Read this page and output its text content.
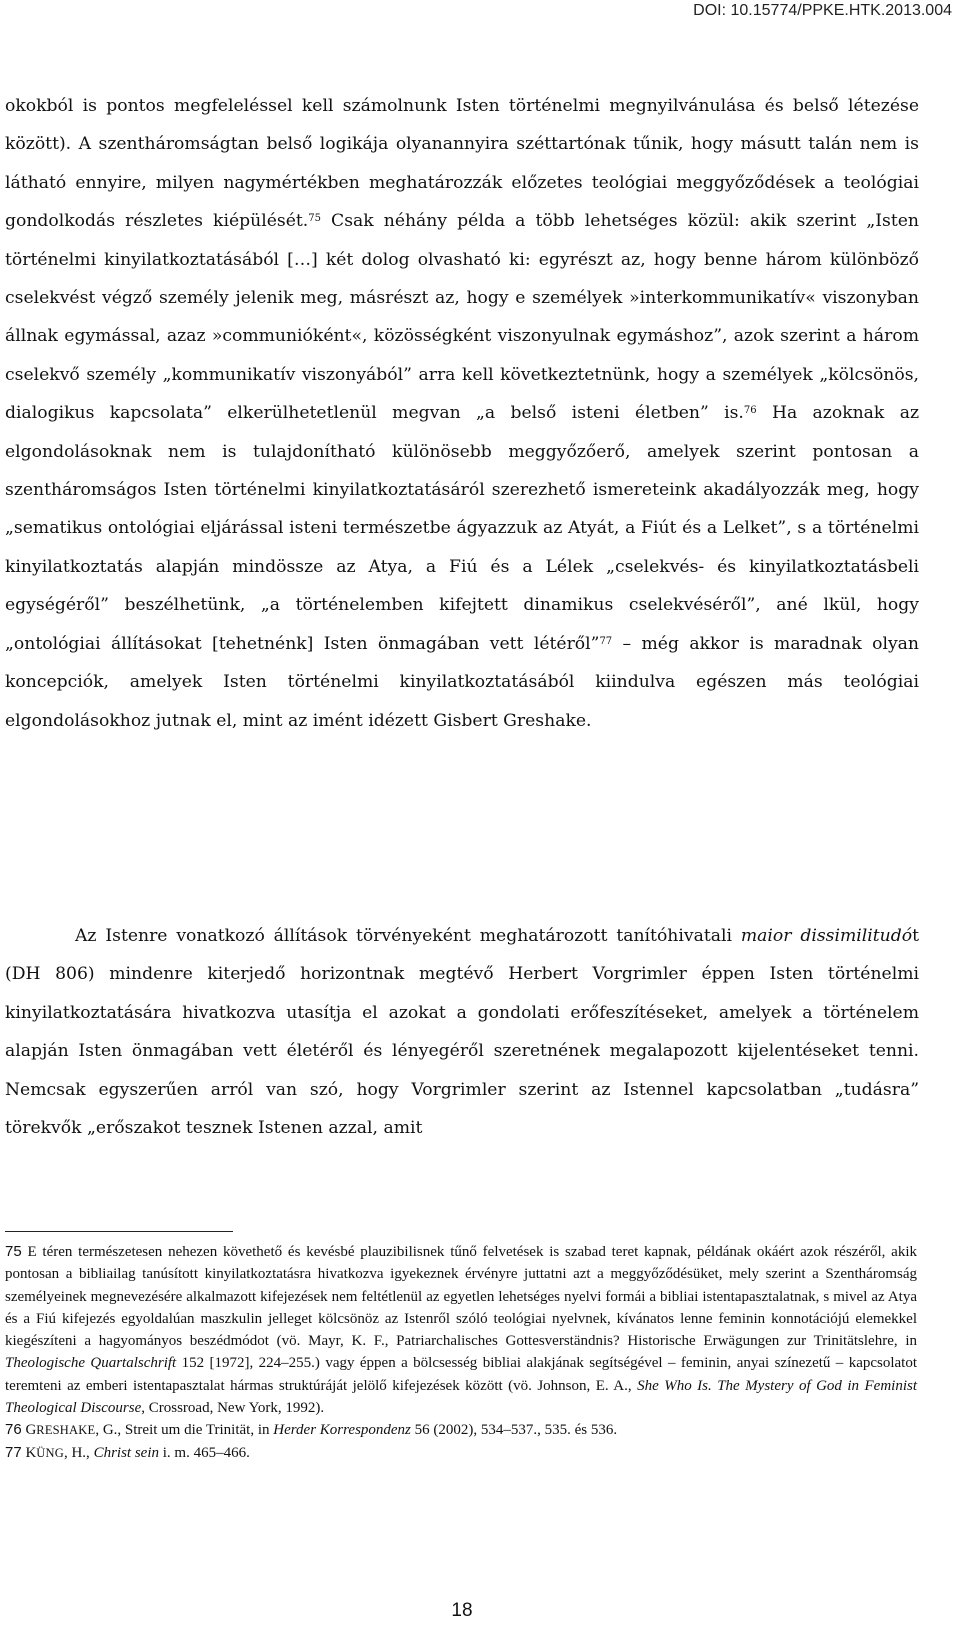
DOI: 10.15774/PPKE.HTK.2013.004

okokból is pontos megfeleléssel kell számolnunk Isten történelmi megnyilvánulása és belső létezése között). A szentháromságtan belső logikája olyanannyira széttartónak tűnik, hogy másutt talán nem is látható ennyire, milyen nagymértékben meghatározzák előzetes teológiai meggyőződések a teológiai gondolkodás részletes kiépülését.$^{75}$ Csak néhány példa a több lehetséges közül: akik szerint „Isten történelmi kinyilatkoztatásából […] két dolog olvasható ki: egyrészt az, hogy benne három különböző cselekvést végző személy jelenik meg, másrészt az, hogy e személyek »interkommunikatív« viszonyban állnak egymással, azaz »communióként«, közösségként viszonyulnak egymáshoz”, azok szerint a három cselekvő személy „kommunikatív viszonyából” arra kell következtetnünk, hogy a személyek „kölcsönös, dialogikus kapcsolata” elkerülhetetlenül megvan „a belső isteni életben” is.$^{76}$ Ha azoknak az elgondolásoknak nem is tulajdonítható különösebb meggyőzőerő, amelyek szerint pontosan a szentháromságos Isten történelmi kinyilatkoztatásáról szerezhető ismereteink akadályozzák meg, hogy „sematikus ontológiai eljárással isteni természetbe ágyazzuk az Atyát, a Fiút és a Lelket”, s a történelmi kinyilatkoztatás alapján mindössze az Atya, a Fiú és a Lélek „cselekvés- és kinyilatkoztatásbeli egységéről” beszélhetünk, „a történelemben kifejtett dinamikus cselekvéséről”, ané lkül, hogy „ontológiai állításokat [tehetnénk] Isten önmagában vett létéről”$^{77}$ – még akkor is maradnak olyan koncepciók, amelyek Isten történelmi kinyilatkoztatásából kiindulva egészen más teológiai elgondolásokhoz jutnak el, mint az imént idézett Gisbert Greshake.

Az Istenre vonatkozó állítások törvényeként meghatározott tanítóhivatali maior dissimilitudót (DH 806) mindenre kiterjedő horizontnak megtévő Herbert Vorgrimler éppen Isten történelmi kinyilatkoztatására hivatkozva utasítja el azokat a gondolati erőfeszítéseket, amelyek a történelem alapján Isten önmagában vett életéről és lényegéről szeretnének megalapozott kijelentéseket tenni. Nemcsak egyszerűen arról van szó, hogy Vorgrimler szerint az Istennel kapcsolatban „tudásra” törekvők „erőszakot tesznek Istenen azzal, amit

75 E téren természetesen nehezen követhető és kevésbé plauzibilisnek tűnő felvetések is szabad teret kapnak, példának okáért azok részéről, akik pontosan a bibliailag tanúsított kinyilatkoztatásra hivatkozva igyekeznek érvényre juttatni azt a meggyőződésüket, mely szerint a Szentháromság személyeinek megnevezésére alkalmazott kifejezések nem feltétlenül az egyetlen lehetséges nyelvi formái a bibliai istentapasztalatnak, s mivel az Atya és a Fiú kifejezés egyoldalúan maszkulin jelleget kölcsönöz az Istenről szóló teológiai nyelvnek, kívánatos lenne feminin konnotációjú elemekkel kiegészíteni a hagyományos beszédmódot (vö. Mayr, K. F., Patriarchalisches Gottesverständnis? Historische Erwägungen zur Trinitätslehre, in Theologische Quartalschrift 152 [1972], 224–255.) vagy éppen a bölcsesség bibliai alakjának segítségével – feminin, anyai színezetű – kapcsolatot teremteni az emberi istentapasztalat hármas struktúráját jelölő kifejezések között (vö. Johnson, E. A., She Who Is. The Mystery of God in Feminist Theological Discourse, Crossroad, New York, 1992).

76 GRESHAKE, G., Streit um die Trinität, in Herder Korrespondenz 56 (2002), 534–537., 535. és 536.

77 KÜNG, H., Christ sein i. m. 465–466.

18
